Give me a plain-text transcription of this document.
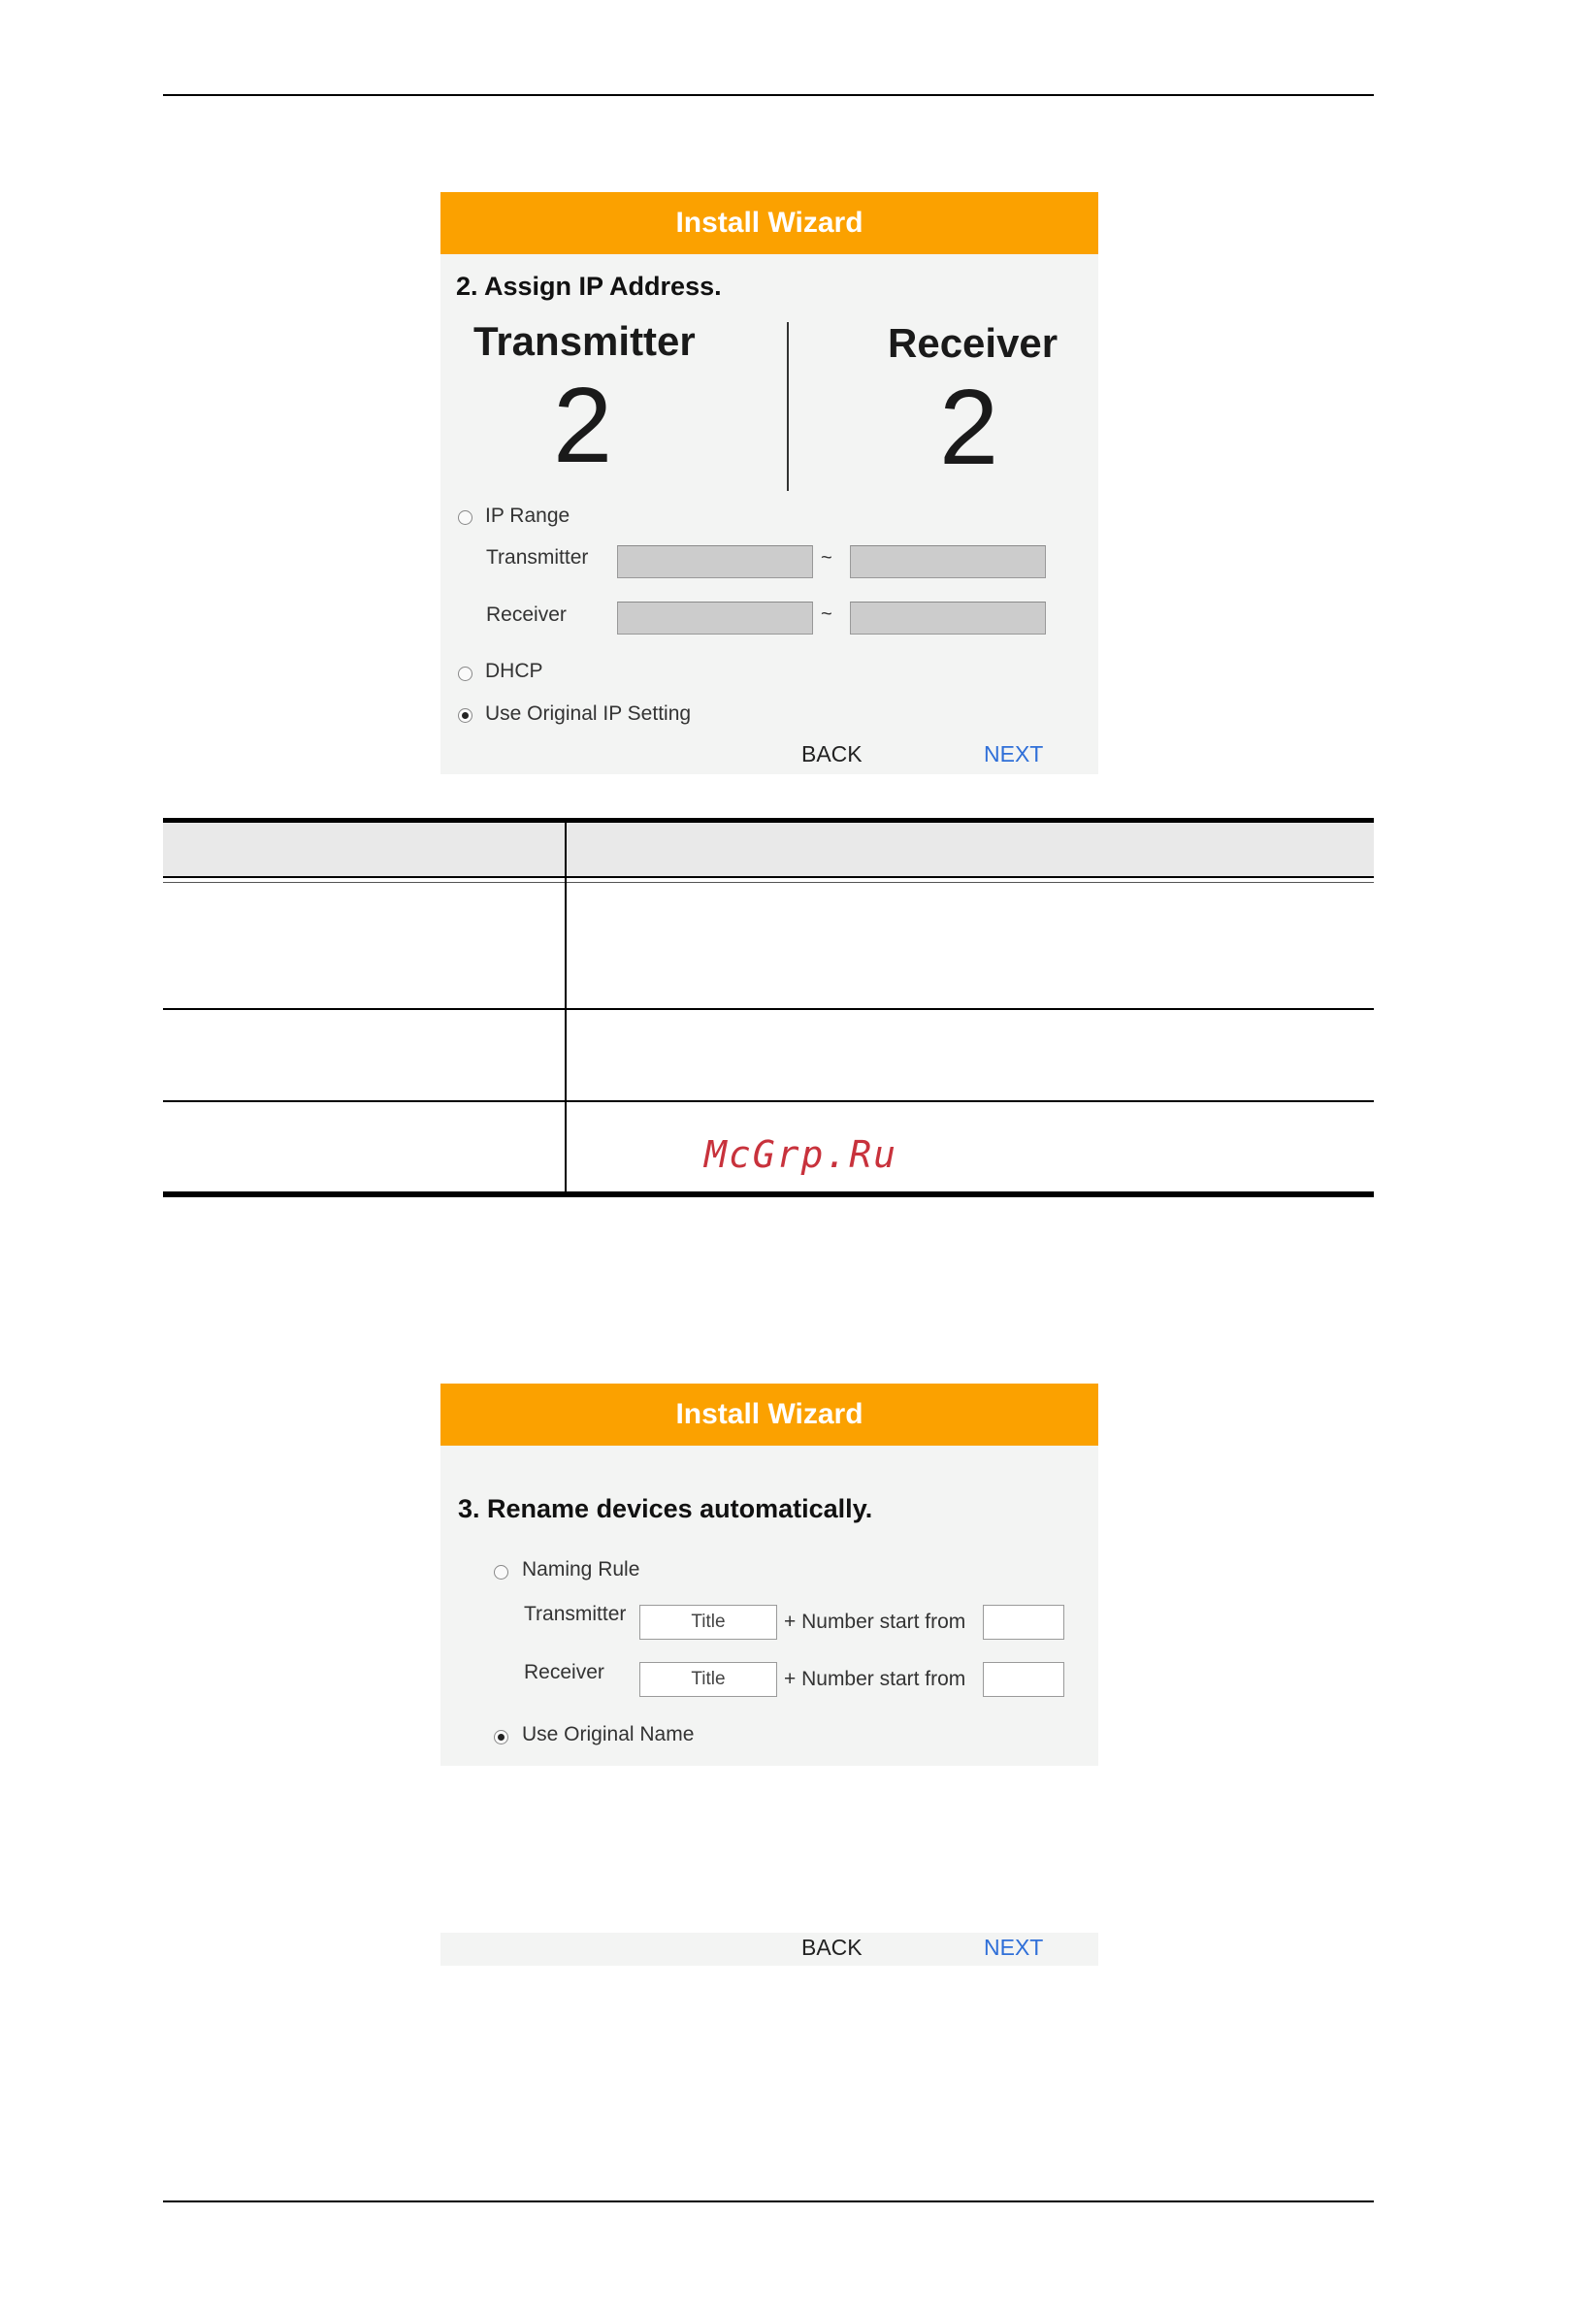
Install Wizard
2. Assign IP Address.
Transmitter
2
Receiver
2
IP Range
Transmitter	~
Receiver	~
DHCP
Use Original IP Setting
BACK	NEXT
McGrp.Ru
Install Wizard
3. Rename devices automatically.
Naming Rule
Transmitter	Title	+ Number start from
Receiver	Title	+ Number start from
Use Original Name
BACK	NEXT
